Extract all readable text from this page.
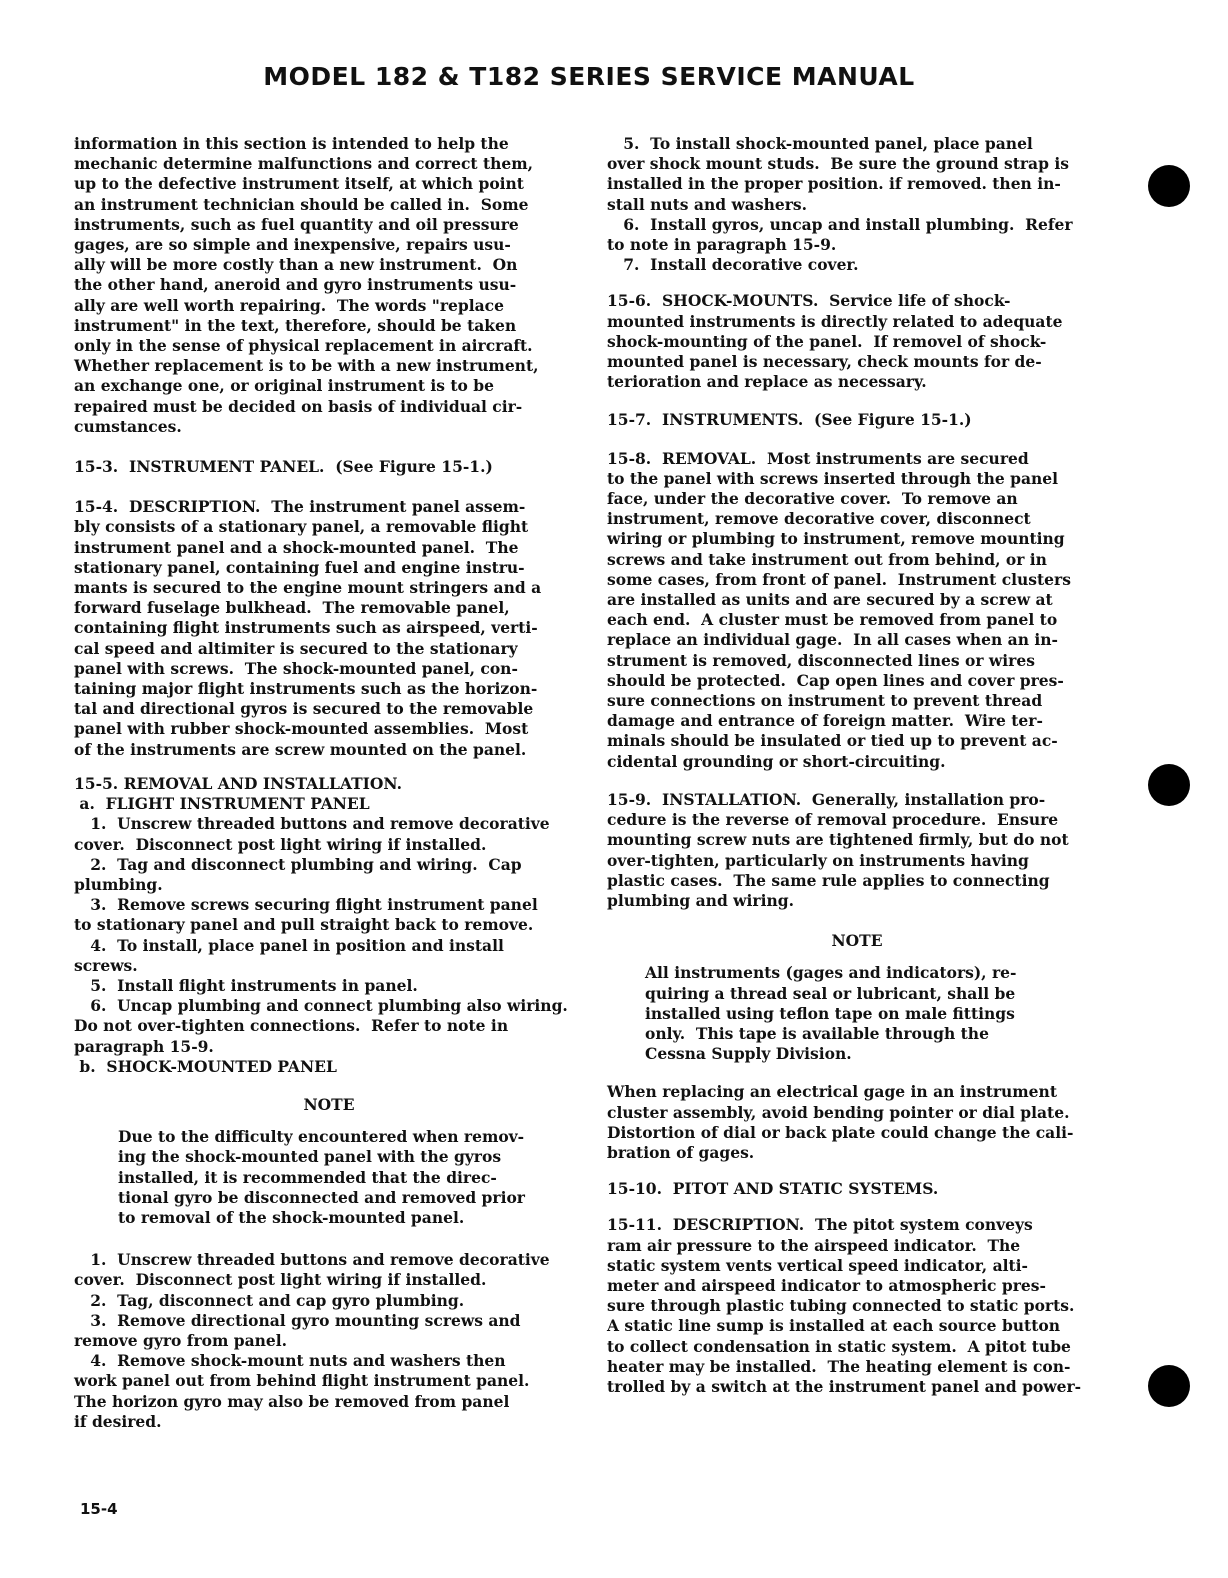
MODEL 182 & T182 SERIES SERVICE MANUAL
information in this section is intended to help the
mechanic determine malfunctions and correct them,
up to the defective instrument itself, at which point
an instrument technician should be called in.  Some
instruments, such as fuel quantity and oil pressure
gages, are so simple and inexpensive, repairs usu-
ally will be more costly than a new instrument.  On
the other hand, aneroid and gyro instruments usu-
ally are well worth repairing.  The words "replace
instrument" in the text, therefore, should be taken
only in the sense of physical replacement in aircraft.
Whether replacement is to be with a new instrument,
an exchange one, or original instrument is to be
repaired must be decided on basis of individual cir-
cumstances.
15-3.  INSTRUMENT PANEL.  (See Figure 15-1.)
15-4.  DESCRIPTION.  The instrument panel assem-
bly consists of a stationary panel, a removable flight
instrument panel and a shock-mounted panel.  The
stationary panel, containing fuel and engine instru-
mants is secured to the engine mount stringers and a
forward fuselage bulkhead.  The removable panel,
containing flight instruments such as airspeed, verti-
cal speed and altimiter is secured to the stationary
panel with screws.  The shock-mounted panel, con-
taining major flight instruments such as the horizon-
tal and directional gyros is secured to the removable
panel with rubber shock-mounted assemblies.  Most
of the instruments are screw mounted on the panel.
15-5. REMOVAL AND INSTALLATION.
a.  FLIGHT INSTRUMENT PANEL
1.  Unscrew threaded buttons and remove decorative
cover.  Disconnect post light wiring if installed.
2.  Tag and disconnect plumbing and wiring.  Cap
plumbing.
3.  Remove screws securing flight instrument panel
to stationary panel and pull straight back to remove.
4.  To install, place panel in position and install
screws.
5.  Install flight instruments in panel.
6.  Uncap plumbing and connect plumbing also wiring.
Do not over-tighten connections.  Refer to note in
paragraph 15-9.
b.  SHOCK-MOUNTED PANEL
NOTE
Due to the difficulty encountered when remov-
ing the shock-mounted panel with the gyros
installed, it is recommended that the direc-
tional gyro be disconnected and removed prior
to removal of the shock-mounted panel.
1.  Unscrew threaded buttons and remove decorative
cover.  Disconnect post light wiring if installed.
2.  Tag, disconnect and cap gyro plumbing.
3.  Remove directional gyro mounting screws and
remove gyro from panel.
4.  Remove shock-mount nuts and washers then
work panel out from behind flight instrument panel.
The horizon gyro may also be removed from panel
if desired.
5.  To install shock-mounted panel, place panel
over shock mount studs.  Be sure the ground strap is
installed in the proper position. if removed. then in-
stall nuts and washers.
6.  Install gyros, uncap and install plumbing.  Refer
to note in paragraph 15-9.
7.  Install decorative cover.
15-6.  SHOCK-MOUNTS.  Service life of shock-
mounted instruments is directly related to adequate
shock-mounting of the panel.  If removel of shock-
mounted panel is necessary, check mounts for de-
terioration and replace as necessary.
15-7.  INSTRUMENTS.  (See Figure 15-1.)
15-8.  REMOVAL.  Most instruments are secured
to the panel with screws inserted through the panel
face, under the decorative cover.  To remove an
instrument, remove decorative cover, disconnect
wiring or plumbing to instrument, remove mounting
screws and take instrument out from behind, or in
some cases, from front of panel.  Instrument clusters
are installed as units and are secured by a screw at
each end.  A cluster must be removed from panel to
replace an individual gage.  In all cases when an in-
strument is removed, disconnected lines or wires
should be protected.  Cap open lines and cover pres-
sure connections on instrument to prevent thread
damage and entrance of foreign matter.  Wire ter-
minals should be insulated or tied up to prevent ac-
cidental grounding or short-circuiting.
15-9.  INSTALLATION.  Generally, installation pro-
cedure is the reverse of removal procedure.  Ensure
mounting screw nuts are tightened firmly, but do not
over-tighten, particularly on instruments having
plastic cases.  The same rule applies to connecting
plumbing and wiring.
NOTE
All instruments (gages and indicators), re-
quiring a thread seal or lubricant, shall be
installed using teflon tape on male fittings
only.  This tape is available through the
Cessna Supply Division.
When replacing an electrical gage in an instrument
cluster assembly, avoid bending pointer or dial plate.
Distortion of dial or back plate could change the cali-
bration of gages.
15-10.  PITOT AND STATIC SYSTEMS.
15-11.  DESCRIPTION.  The pitot system conveys
ram air pressure to the airspeed indicator.  The
static system vents vertical speed indicator, alti-
meter and airspeed indicator to atmospheric pres-
sure through plastic tubing connected to static ports.
A static line sump is installed at each source button
to collect condensation in static system.  A pitot tube
heater may be installed.  The heating element is con-
trolled by a switch at the instrument panel and power-
15-4
